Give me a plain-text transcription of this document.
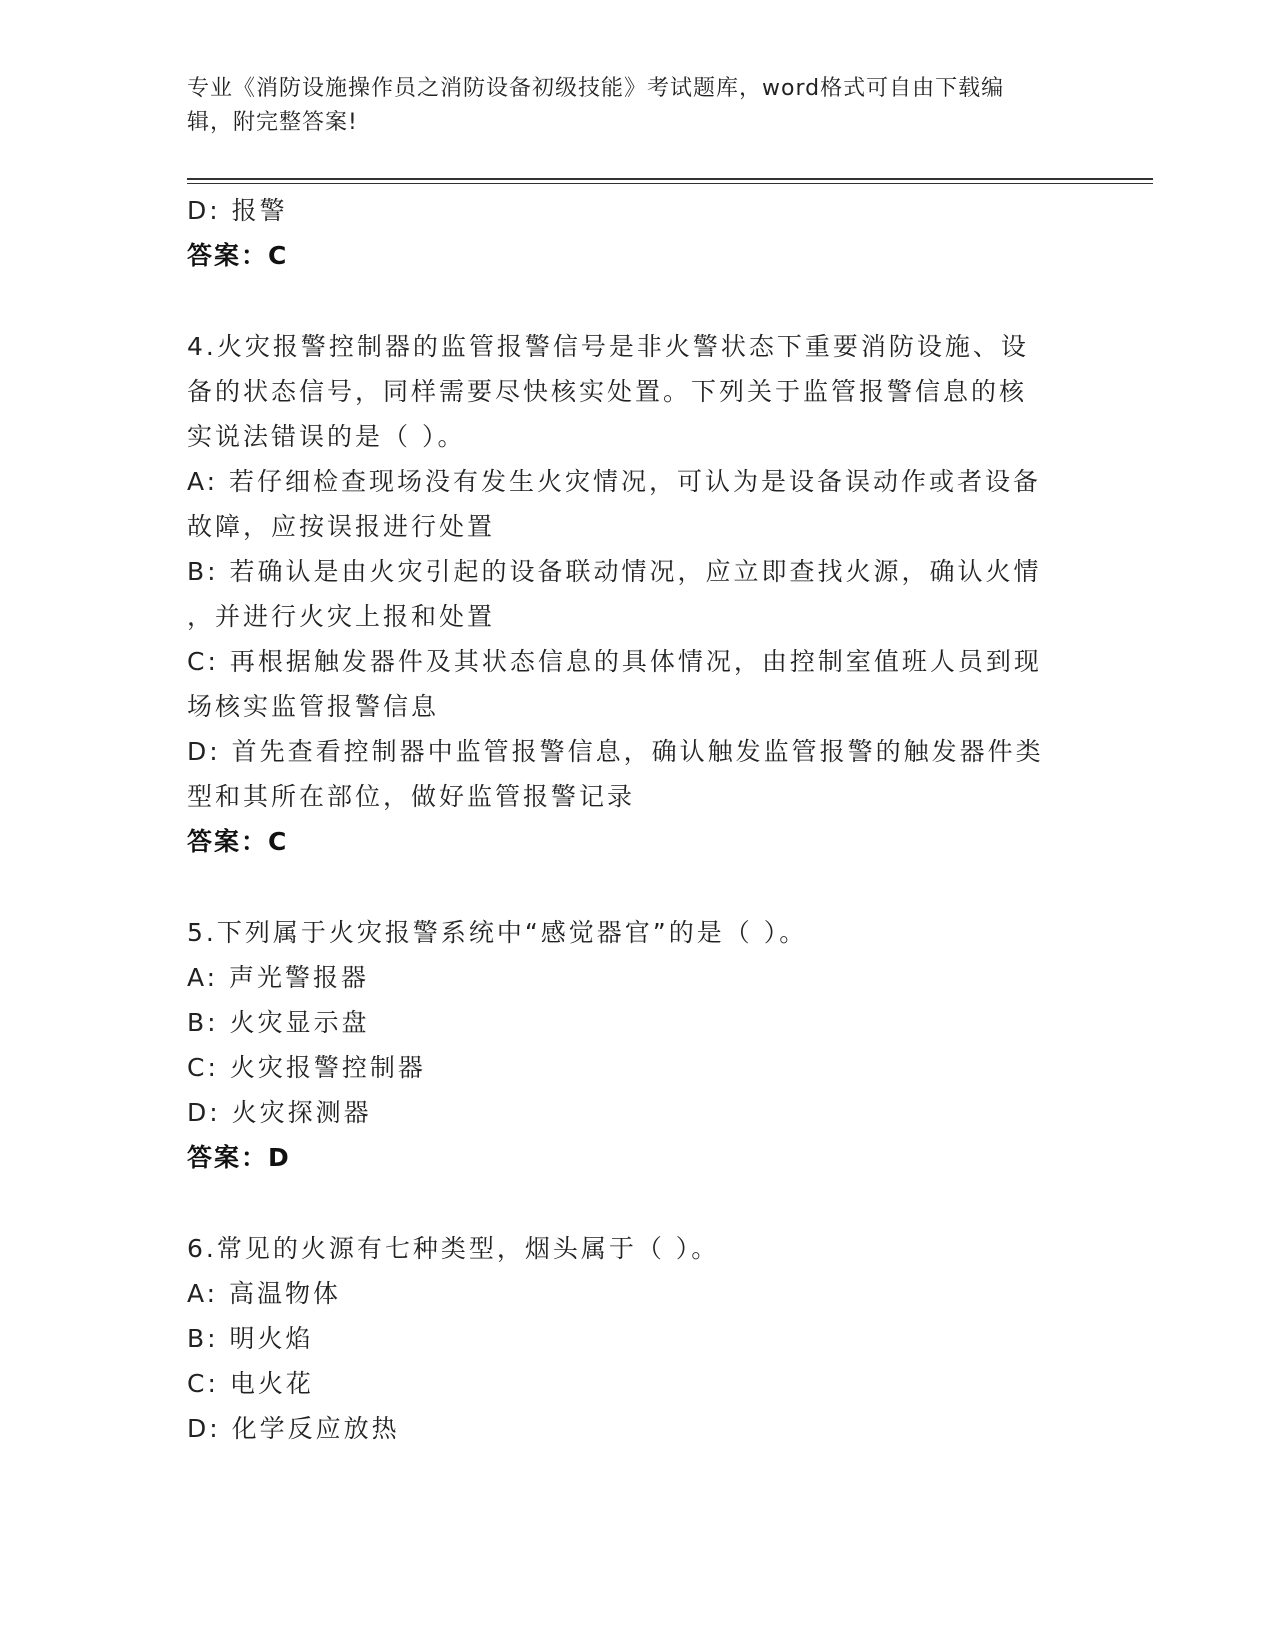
专业《消防设施操作员之消防设备初级技能》考试题库，word格式可自由下载编
辑，附完整答案!
D: 报警
答案：C
4.火灾报警控制器的监管报警信号是非火警状态下重要消防设施、设
备的状态信号，同样需要尽快核实处置。下列关于监管报警信息的核
实说法错误的是（ ）。
A: 若仔细检查现场没有发生火灾情况，可认为是设备误动作或者设备
故障，应按误报进行处置
B: 若确认是由火灾引起的设备联动情况，应立即查找火源，确认火情
，并进行火灾上报和处置
C: 再根据触发器件及其状态信息的具体情况，由控制室值班人员到现
场核实监管报警信息
D: 首先查看控制器中监管报警信息，确认触发监管报警的触发器件类
型和其所在部位，做好监管报警记录
答案：C
5.下列属于火灾报警系统中“感觉器官”的是（ ）。
A: 声光警报器
B: 火灾显示盘
C: 火灾报警控制器
D: 火灾探测器
答案：D
6.常见的火源有七种类型，烟头属于（ ）。
A: 高温物体
B: 明火焰
C: 电火花
D: 化学反应放热
